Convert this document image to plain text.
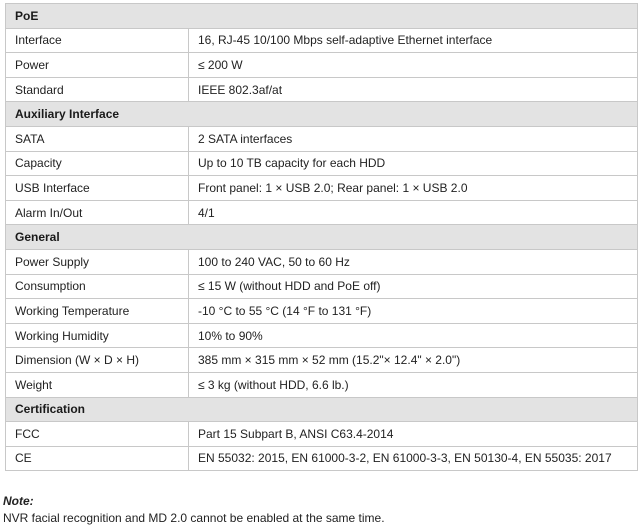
PoE	
Interface	16, RJ-45 10/100 Mbps self-adaptive Ethernet interface
Power	≤ 200 W
Standard	IEEE 802.3af/at
Auxiliary Interface	
SATA	2 SATA interfaces
Capacity	Up to 10 TB capacity for each HDD
USB Interface	Front panel: 1 × USB 2.0; Rear panel: 1 × USB 2.0
Alarm In/Out	4/1
General	
Power Supply	100 to 240 VAC, 50 to 60 Hz
Consumption	≤ 15 W (without HDD and PoE off)
Working Temperature	-10 °C to 55 °C (14 °F to 131 °F)
Working Humidity	10% to 90%
Dimension (W × D × H)	385 mm × 315 mm × 52 mm (15.2"× 12.4" × 2.0")
Weight	≤ 3 kg (without HDD, 6.6 lb.)
Certification	
FCC	Part 15 Subpart B, ANSI C63.4-2014
CE	EN 55032: 2015, EN 61000-3-2, EN 61000-3-3, EN 50130-4, EN 55035: 2017
Note:
NVR facial recognition and MD 2.0 cannot be enabled at the same time.
